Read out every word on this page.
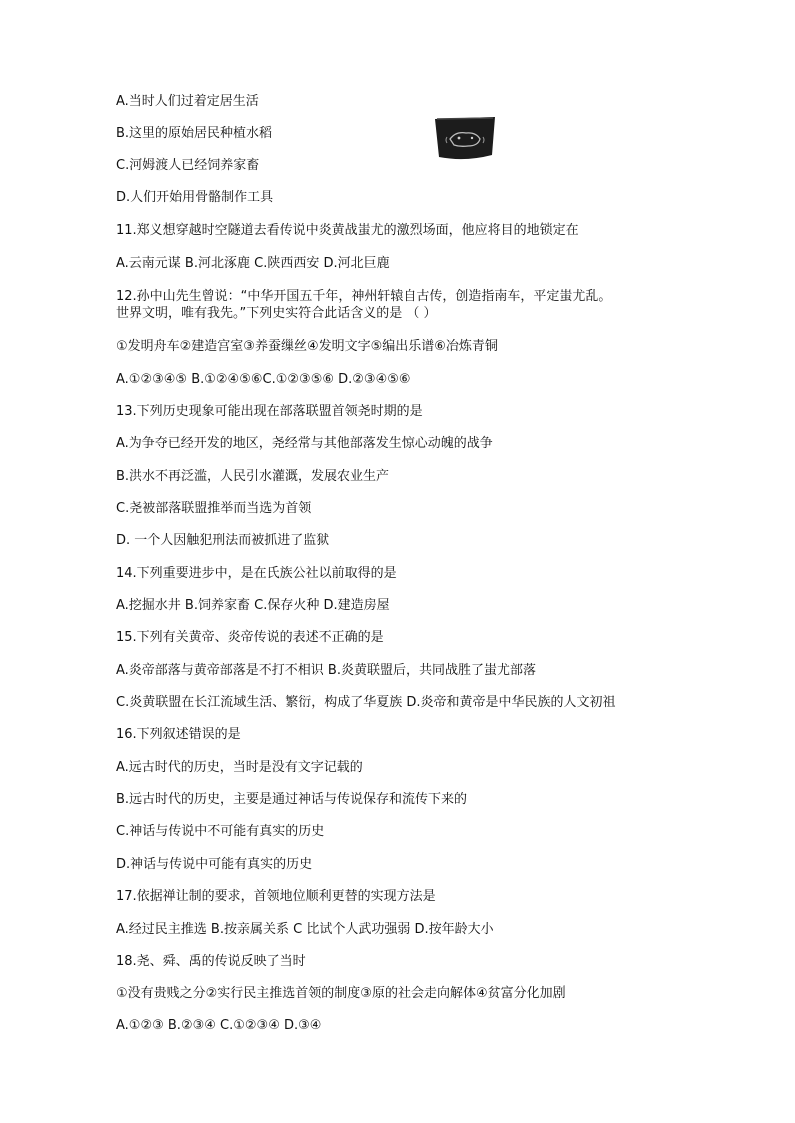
A.当时人们过着定居生活
B.这里的原始居民种植水稻
C.河姆渡人已经饲养家畜
D.人们开始用骨骼制作工具
11.郑义想穿越时空隧道去看传说中炎黄战蚩尤的激烈场面，他应将目的地锁定在
A.云南元谋 B.河北涿鹿 C.陕西西安 D.河北巨鹿
12.孙中山先生曾说：“中华开国五千年，神州轩辕自古传，创造指南车，平定蚩尤乱。
世界文明，唯有我先。”下列史实符合此话含义的是 （ ）
①发明舟车②建造宫室③养蚕缫丝④发明文字⑤编出乐谱⑥冶炼青铜
A.①②③④⑤ B.①②④⑤⑥C.①②③⑤⑥ D.②③④⑤⑥
13.下列历史现象可能出现在部落联盟首领尧时期的是
A.为争夺已经开发的地区，尧经常与其他部落发生惊心动魄的战争
B.洪水不再泛滥，人民引水灌溉，发展农业生产
C.尧被部落联盟推举而当选为首领
D. 一个人因触犯刑法而被抓进了监狱
14.下列重要进步中，是在氏族公社以前取得的是
A.挖掘水井 B.饲养家畜 C.保存火种 D.建造房屋
15.下列有关黄帝、炎帝传说的表述不正确的是
A.炎帝部落与黄帝部落是不打不相识 B.炎黄联盟后，共同战胜了蚩尤部落
C.炎黄联盟在长江流域生活、繁衍，构成了华夏族 D.炎帝和黄帝是中华民族的人文初祖
16.下列叙述错误的是
A.远古时代的历史，当时是没有文字记载的
B.远古时代的历史，主要是通过神话与传说保存和流传下来的
C.神话与传说中不可能有真实的历史
D.神话与传说中可能有真实的历史
17.依据禅让制的要求，首领地位顺利更替的实现方法是
A.经过民主推选 B.按亲属关系 C 比试个人武功强弱 D.按年龄大小
18.尧、舜、禹的传说反映了当时
①没有贵贱之分②实行民主推选首领的制度③原的社会走向解体④贫富分化加剧
A.①②③ B.②③④ C.①②③④ D.③④
